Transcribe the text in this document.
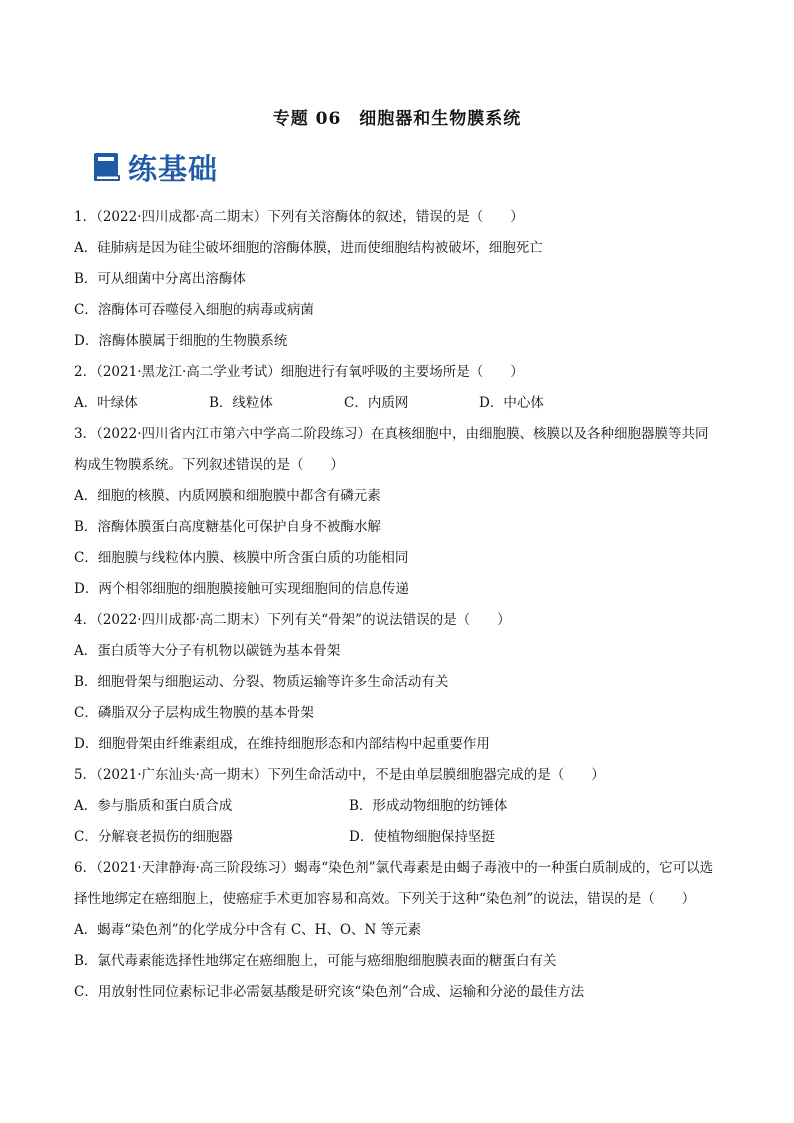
专题 06　细胞器和生物膜系统
练基础
1．（2022·四川成都·高二期末）下列有关溶酶体的叙述，错误的是（　　）
A．硅肺病是因为硅尘破坏细胞的溶酶体膜，进而使细胞结构被破坏，细胞死亡
B．可从细菌中分离出溶酶体
C．溶酶体可吞噬侵入细胞的病毒或病菌
D．溶酶体膜属于细胞的生物膜系统
2．（2021·黑龙江·高二学业考试）细胞进行有氧呼吸的主要场所是（　　）
A．叶绿体	B．线粒体	C．内质网	D．中心体
3．（2022·四川省内江市第六中学高二阶段练习）在真核细胞中，由细胞膜、核膜以及各种细胞器膜等共同
构成生物膜系统。下列叙述错误的是（　　）
A．细胞的核膜、内质网膜和细胞膜中都含有磷元素
B．溶酶体膜蛋白高度糖基化可保护自身不被酶水解
C．细胞膜与线粒体内膜、核膜中所含蛋白质的功能相同
D．两个相邻细胞的细胞膜接触可实现细胞间的信息传递
4．（2022·四川成都·高二期末）下列有关“骨架”的说法错误的是（　　）
A．蛋白质等大分子有机物以碳链为基本骨架
B．细胞骨架与细胞运动、分裂、物质运输等许多生命活动有关
C．磷脂双分子层构成生物膜的基本骨架
D．细胞骨架由纤维素组成，在维持细胞形态和内部结构中起重要作用
5．（2021·广东汕头·高一期末）下列生命活动中，不是由单层膜细胞器完成的是（　　）
A．参与脂质和蛋白质合成	B．形成动物细胞的纺锤体
C．分解衰老损伤的细胞器	D．使植物细胞保持坚挺
6．（2021·天津静海·高三阶段练习）蝎毒“染色剂”氯代毒素是由蝎子毒液中的一种蛋白质制成的，它可以选
择性地绑定在癌细胞上，使癌症手术更加容易和高效。下列关于这种“染色剂”的说法，错误的是（　　）
A．蝎毒“染色剂”的化学成分中含有 C、H、O、N 等元素
B．氯代毒素能选择性地绑定在癌细胞上，可能与癌细胞细胞膜表面的糖蛋白有关
C．用放射性同位素标记非必需氨基酸是研究该“染色剂”合成、运输和分泌的最佳方法
